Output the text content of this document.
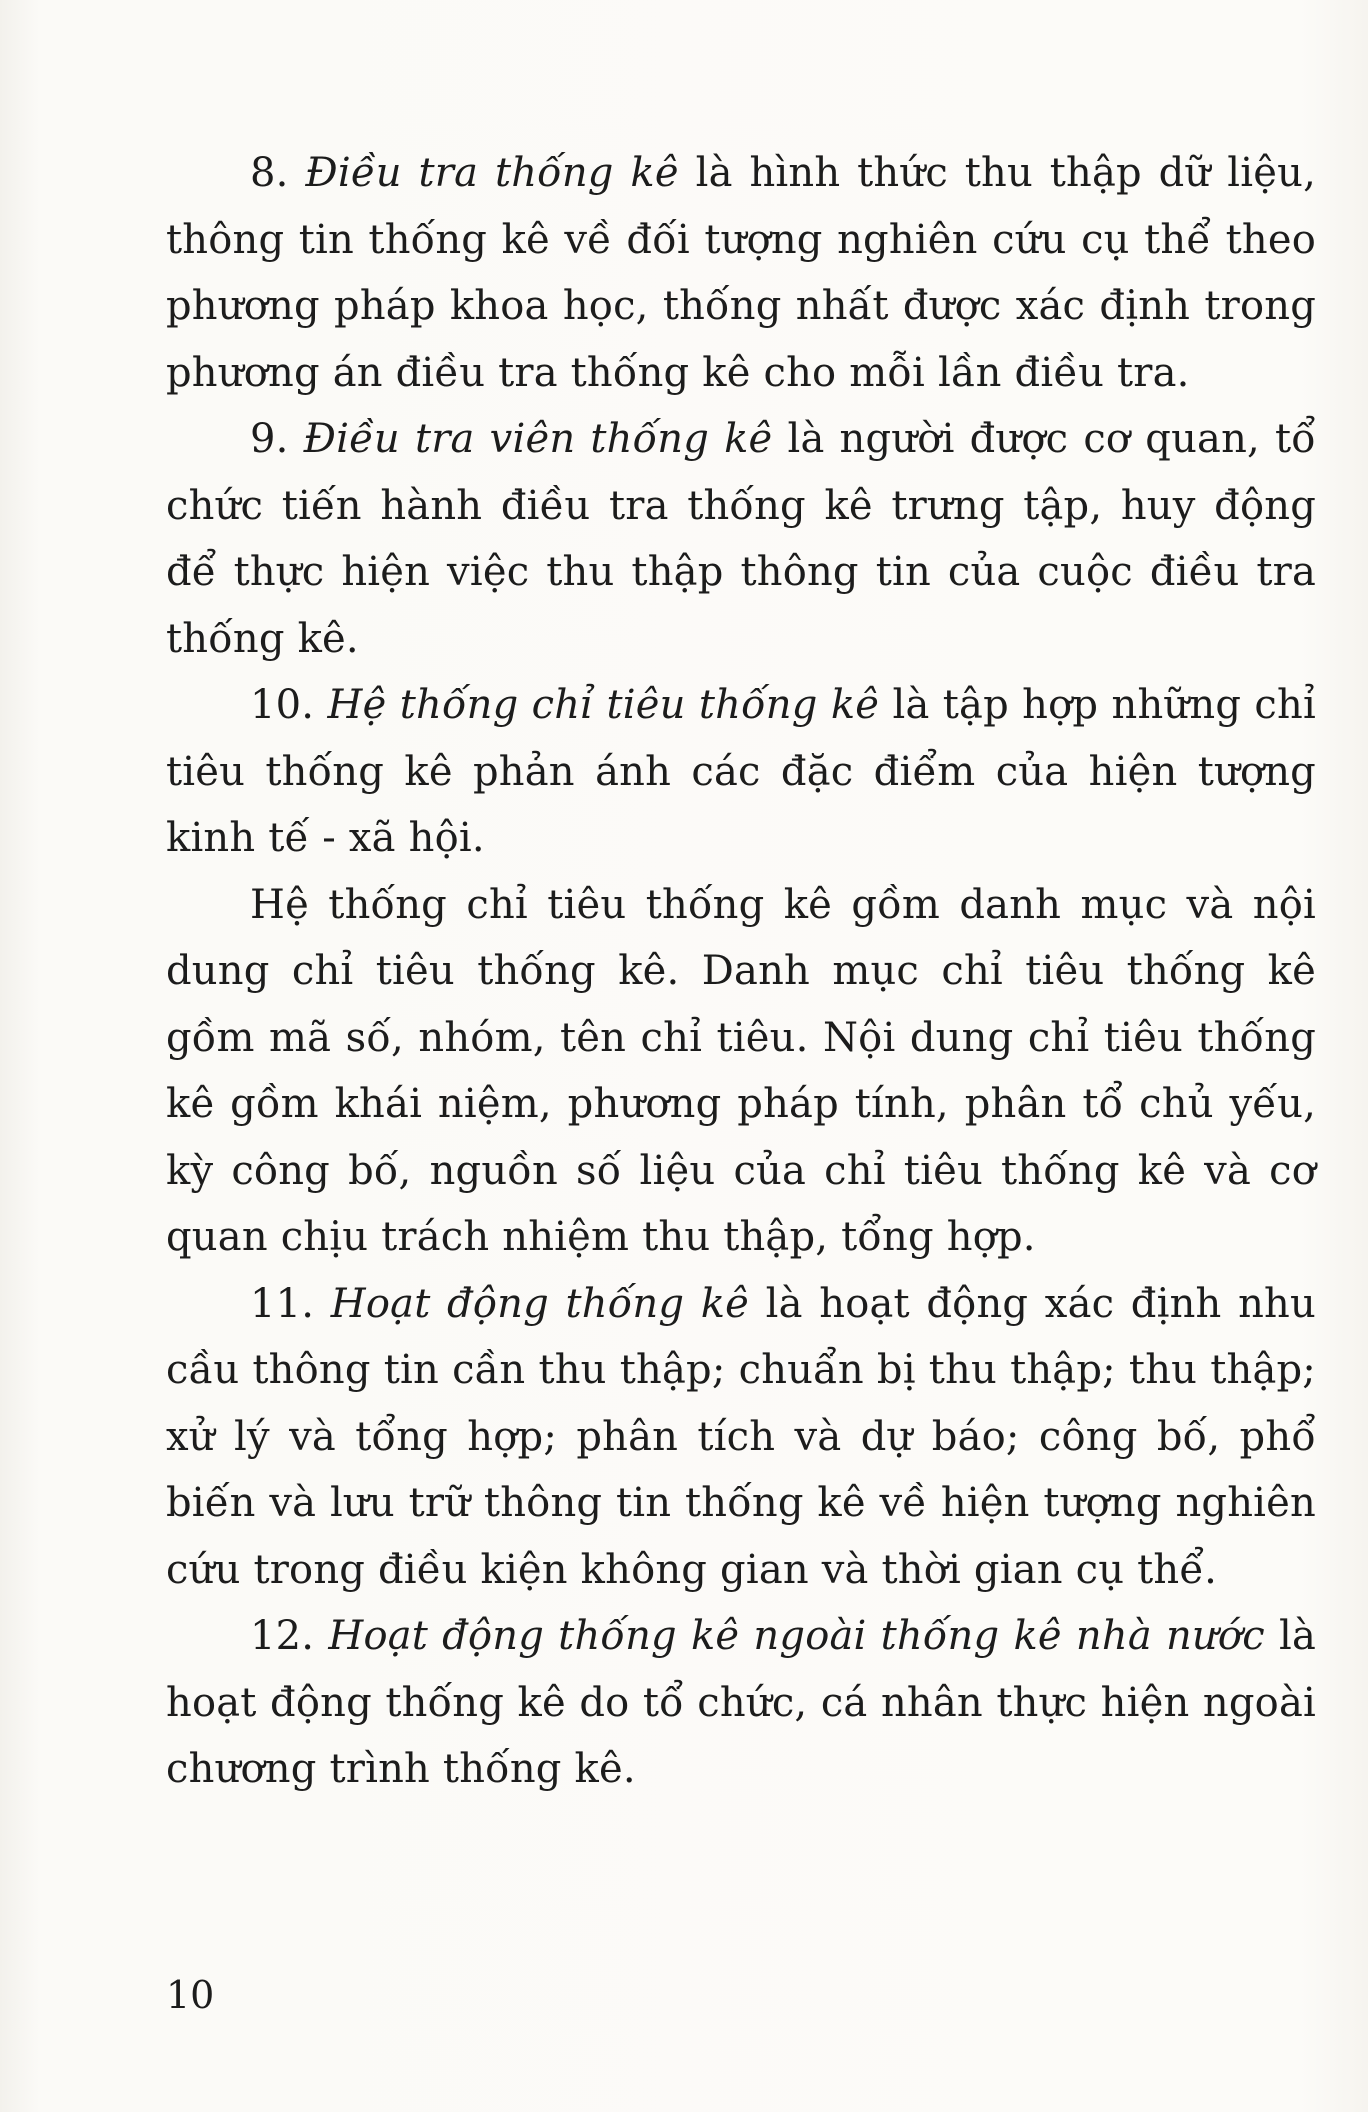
8. Điều tra thống kê là hình thức thu thập dữ liệu, thông tin thống kê về đối tượng nghiên cứu cụ thể theo phương pháp khoa học, thống nhất được xác định trong phương án điều tra thống kê cho mỗi lần điều tra.

9. Điều tra viên thống kê là người được cơ quan, tổ chức tiến hành điều tra thống kê trưng tập, huy động để thực hiện việc thu thập thông tin của cuộc điều tra thống kê.

10. Hệ thống chỉ tiêu thống kê là tập hợp những chỉ tiêu thống kê phản ánh các đặc điểm của hiện tượng kinh tế - xã hội.

Hệ thống chỉ tiêu thống kê gồm danh mục và nội dung chỉ tiêu thống kê. Danh mục chỉ tiêu thống kê gồm mã số, nhóm, tên chỉ tiêu. Nội dung chỉ tiêu thống kê gồm khái niệm, phương pháp tính, phân tổ chủ yếu, kỳ công bố, nguồn số liệu của chỉ tiêu thống kê và cơ quan chịu trách nhiệm thu thập, tổng hợp.

11. Hoạt động thống kê là hoạt động xác định nhu cầu thông tin cần thu thập; chuẩn bị thu thập; thu thập; xử lý và tổng hợp; phân tích và dự báo; công bố, phổ biến và lưu trữ thông tin thống kê về hiện tượng nghiên cứu trong điều kiện không gian và thời gian cụ thể.

12. Hoạt động thống kê ngoài thống kê nhà nước là hoạt động thống kê do tổ chức, cá nhân thực hiện ngoài chương trình thống kê.

10
